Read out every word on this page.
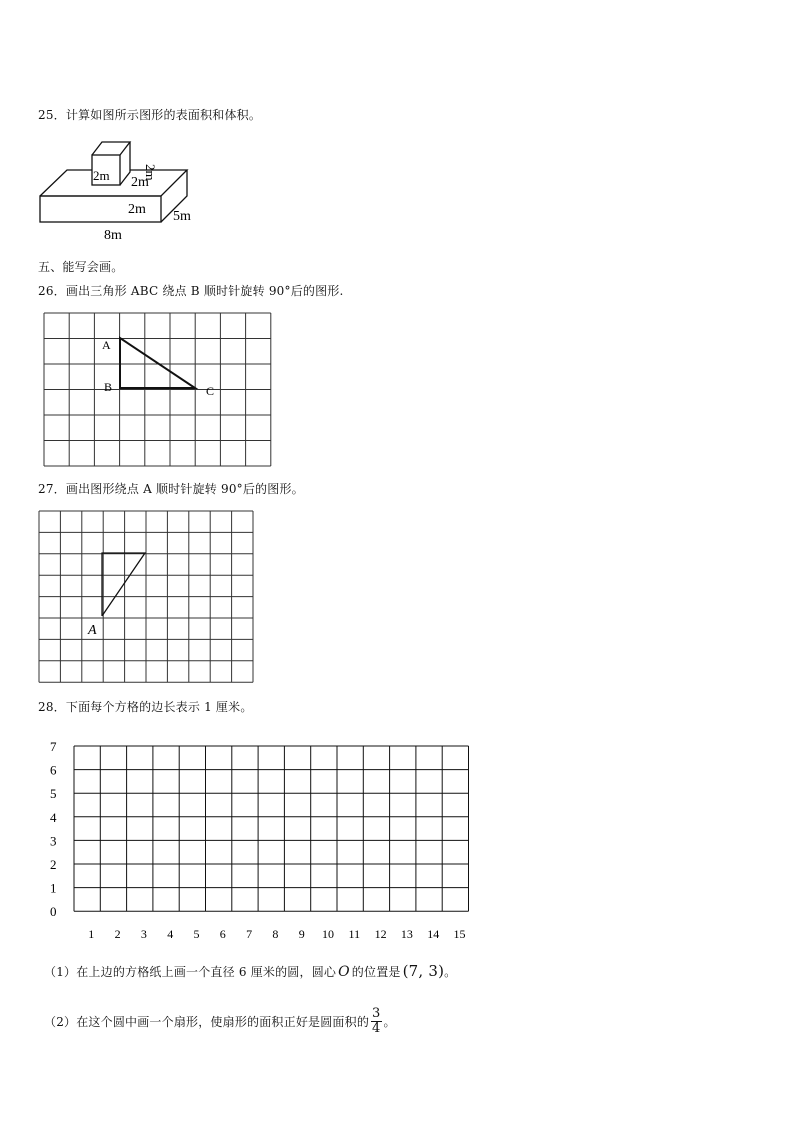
25．计算如图所示图形的表面积和体积。
2m	2m
2m
2m 5m
8m
五、能写会画。
26．画出三角形 ABC 绕点 B 顺时针旋转 90°后的图形.
A
B	C
27．画出图形绕点 A 顺时针旋转 90°后的图形。
A
28．下面每个方格的边长表示 1 厘米。
0
1
2
3
4
5
6
7
1 2 3 4 5 6 7 8 9 10 11 12 13 14 15
（1）在上边的方格纸上画一个直径 6 厘米的圆，圆心 O 的位置是 (7, 3)。
（2）在这个圆中画一个扇形，使扇形的面积正好是圆面积的 $\frac{3}{4}$ 。
